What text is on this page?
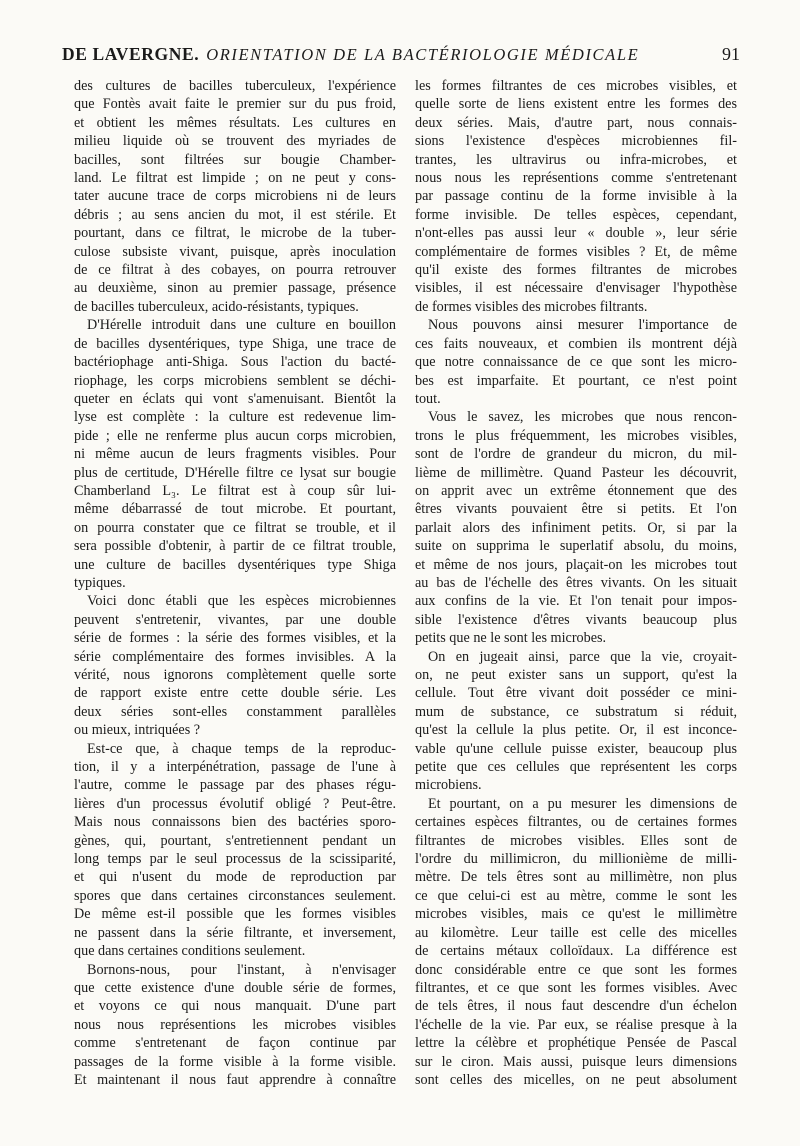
DE LAVERGNE. ORIENTATION DE LA BACTÉRIOLOGIE MÉDICALE	91
des cultures de bacilles tuberculeux, l'expérience
que Fontès avait faite le premier sur du pus froid,
et obtient les mêmes résultats. Les cultures en
milieu liquide où se trouvent des myriades de
bacilles, sont filtrées sur bougie Chamber-
land. Le filtrat est limpide ; on ne peut y cons-
tater aucune trace de corps microbiens ni de leurs
débris ; au sens ancien du mot, il est stérile. Et
pourtant, dans ce filtrat, le microbe de la tuber-
culose subsiste vivant, puisque, après inoculation
de ce filtrat à des cobayes, on pourra retrouver
au deuxième, sinon au premier passage, présence
de bacilles tuberculeux, acido-résistants, typiques.
D'Hérelle introduit dans une culture en bouillon
de bacilles dysentériques, type Shiga, une trace de
bactériophage anti-Shiga. Sous l'action du bacté-
riophage, les corps microbiens semblent se déchi-
queter en éclats qui vont s'amenuisant. Bientôt la
lyse est complète : la culture est redevenue lim-
pide ; elle ne renferme plus aucun corps microbien,
ni même aucun de leurs fragments visibles. Pour
plus de certitude, D'Hérelle filtre ce lysat sur bougie
Chamberland L₃. Le filtrat est à coup sûr lui-
même débarrassé de tout microbe. Et pourtant,
on pourra constater que ce filtrat se trouble, et il
sera possible d'obtenir, à partir de ce filtrat trouble,
une culture de bacilles dysentériques type Shiga
typiques.
Voici donc établi que les espèces microbiennes
peuvent s'entretenir, vivantes, par une double
série de formes : la série des formes visibles, et la
série complémentaire des formes invisibles. A la
vérité, nous ignorons complètement quelle sorte
de rapport existe entre cette double série. Les
deux séries sont-elles constamment parallèles
ou mieux, intriquées ?
Est-ce que, à chaque temps de la reproduc-
tion, il y a interpénétration, passage de l'une à
l'autre, comme le passage par des phases régu-
lières d'un processus évolutif obligé ? Peut-être.
Mais nous connaissons bien des bactéries sporo-
gènes, qui, pourtant, s'entretiennent pendant un
long temps par le seul processus de la scissiparité,
et qui n'usent du mode de reproduction par
spores que dans certaines circonstances seulement.
De même est-il possible que les formes visibles
ne passent dans la série filtrante, et inversement,
que dans certaines conditions seulement.
Bornons-nous, pour l'instant, à n'envisager
que cette existence d'une double série de formes,
et voyons ce qui nous manquait. D'une part
nous nous représentions les microbes visibles
comme s'entretenant de façon continue par
passages de la forme visible à la forme visible.
Et maintenant il nous faut apprendre à connaître
les formes filtrantes de ces microbes visibles, et
quelle sorte de liens existent entre les formes des
deux séries. Mais, d'autre part, nous connais-
sions l'existence d'espèces microbiennes fil-
trantes, les ultravirus ou infra-microbes, et
nous nous les représentions comme s'entretenant
par passage continu de la forme invisible à la
forme invisible. De telles espèces, cependant,
n'ont-elles pas aussi leur « double », leur série
complémentaire de formes visibles ? Et, de même
qu'il existe des formes filtrantes de microbes
visibles, il est nécessaire d'envisager l'hypothèse
de formes visibles des microbes filtrants.
Nous pouvons ainsi mesurer l'importance de
ces faits nouveaux, et combien ils montrent déjà
que notre connaissance de ce que sont les micro-
bes est imparfaite. Et pourtant, ce n'est point
tout.
Vous le savez, les microbes que nous rencon-
trons le plus fréquemment, les microbes visibles,
sont de l'ordre de grandeur du micron, du mil-
lième de millimètre. Quand Pasteur les découvrit,
on apprit avec un extrême étonnement que des
êtres vivants pouvaient être si petits. Et l'on
parlait alors des infiniment petits. Or, si par la
suite on supprima le superlatif absolu, du moins,
et même de nos jours, plaçait-on les microbes tout
au bas de l'échelle des êtres vivants. On les situait
aux confins de la vie. Et l'on tenait pour impos-
sible l'existence d'êtres vivants beaucoup plus
petits que ne le sont les microbes.
On en jugeait ainsi, parce que la vie, croyait-
on, ne peut exister sans un support, qu'est la
cellule. Tout être vivant doit posséder ce mini-
mum de substance, ce substratum si réduit,
qu'est la cellule la plus petite. Or, il est inconce-
vable qu'une cellule puisse exister, beaucoup plus
petite que ces cellules que représentent les corps
microbiens.
Et pourtant, on a pu mesurer les dimensions de
certaines espèces filtrantes, ou de certaines formes
filtrantes de microbes visibles. Elles sont de
l'ordre du millimicron, du millionième de milli-
mètre. De tels êtres sont au millimètre, non plus
ce que celui-ci est au mètre, comme le sont les
microbes visibles, mais ce qu'est le millimètre
au kilomètre. Leur taille est celle des micelles
de certains métaux colloïdaux. La différence est
donc considérable entre ce que sont les formes
filtrantes, et ce que sont les formes visibles. Avec
de tels êtres, il nous faut descendre d'un échelon
l'échelle de la vie. Par eux, se réalise presque à la
lettre la célèbre et prophétique Pensée de Pascal
sur le ciron. Mais aussi, puisque leurs dimensions
sont celles des micelles, on ne peut absolument
